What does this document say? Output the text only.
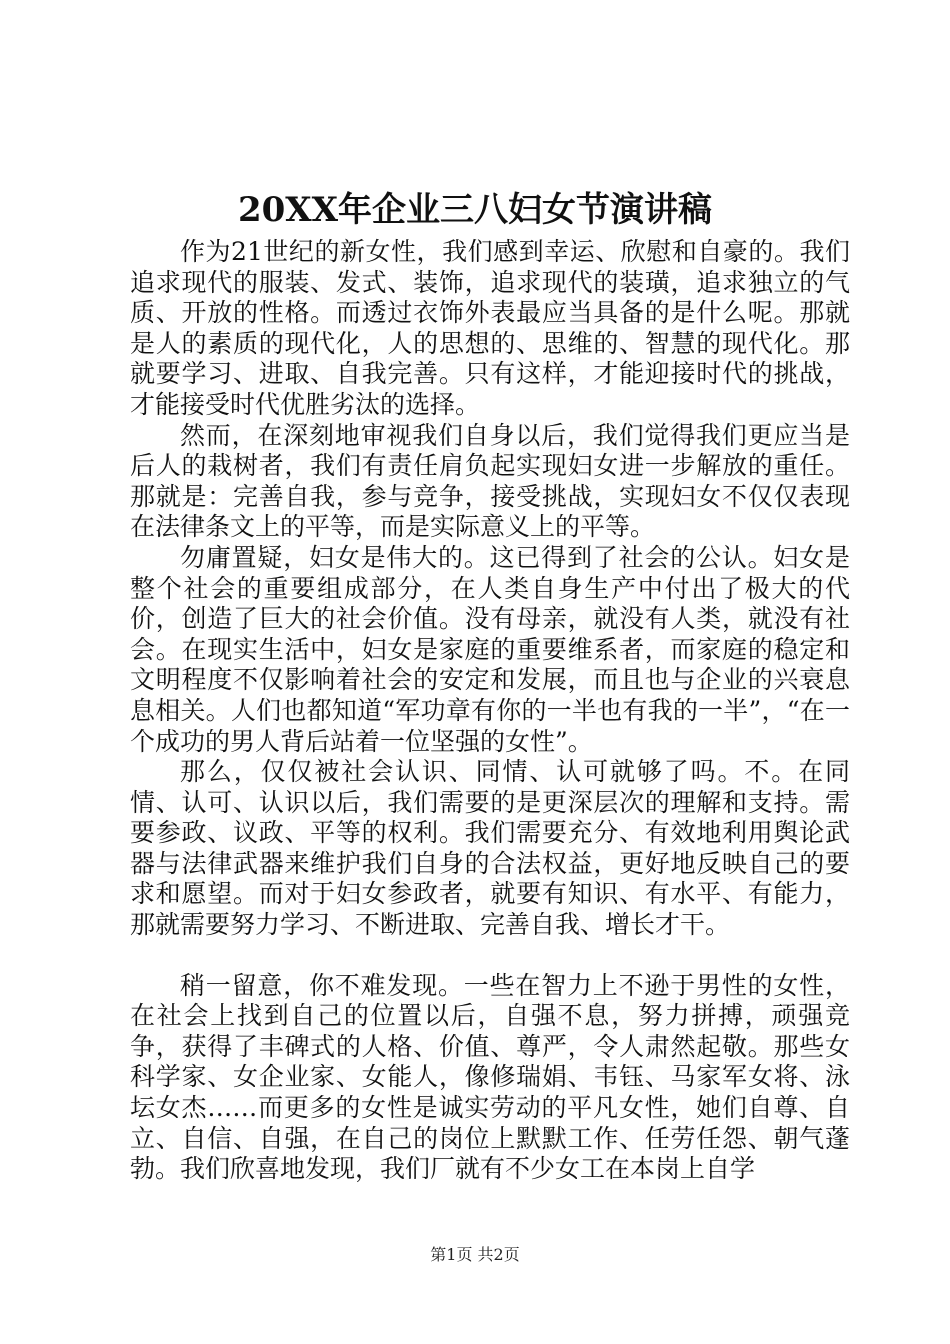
20XX年企业三八妇女节演讲稿

作为21世纪的新女性，我们感到幸运、欣慰和自豪的。我们追求现代的服装、发式、装饰，追求现代的装璜，追求独立的气质、开放的性格。而透过衣饰外表最应当具备的是什么呢。那就是人的素质的现代化，人的思想的、思维的、智慧的现代化。那就要学习、进取、自我完善。只有这样，才能迎接时代的挑战，才能接受时代优胜劣汰的选择。

然而，在深刻地审视我们自身以后，我们觉得我们更应当是后人的栽树者，我们有责任肩负起实现妇女进一步解放的重任。那就是：完善自我，参与竞争，接受挑战，实现妇女不仅仅表现在法律条文上的平等，而是实际意义上的平等。

勿庸置疑，妇女是伟大的。这已得到了社会的公认。妇女是整个社会的重要组成部分，在人类自身生产中付出了极大的代价，创造了巨大的社会价值。没有母亲，就没有人类，就没有社会。在现实生活中，妇女是家庭的重要维系者，而家庭的稳定和文明程度不仅影响着社会的安定和发展，而且也与企业的兴衰息息相关。人们也都知道“军功章有你的一半也有我的一半”，“在一个成功的男人背后站着一位坚强的女性”。

那么，仅仅被社会认识、同情、认可就够了吗。不。在同情、认可、认识以后，我们需要的是更深层次的理解和支持。需要参政、议政、平等的权利。我们需要充分、有效地利用舆论武器与法律武器来维护我们自身的合法权益，更好地反映自己的要求和愿望。而对于妇女参政者，就要有知识、有水平、有能力，那就需要努力学习、不断进取、完善自我、增长才干。

稍一留意，你不难发现。一些在智力上不逊于男性的女性，在社会上找到自己的位置以后，自强不息，努力拼搏，顽强竞争，获得了丰碑式的人格、价值、尊严，令人肃然起敬。那些女科学家、女企业家、女能人，像修瑞娟、韦钰、马家军女将、泳坛女杰……而更多的女性是诚实劳动的平凡女性，她们自尊、自立、自信、自强，在自己的岗位上默默工作、任劳任怨、朝气蓬勃。我们欣喜地发现，我们厂就有不少女工在本岗上自学

第1页 共2页
